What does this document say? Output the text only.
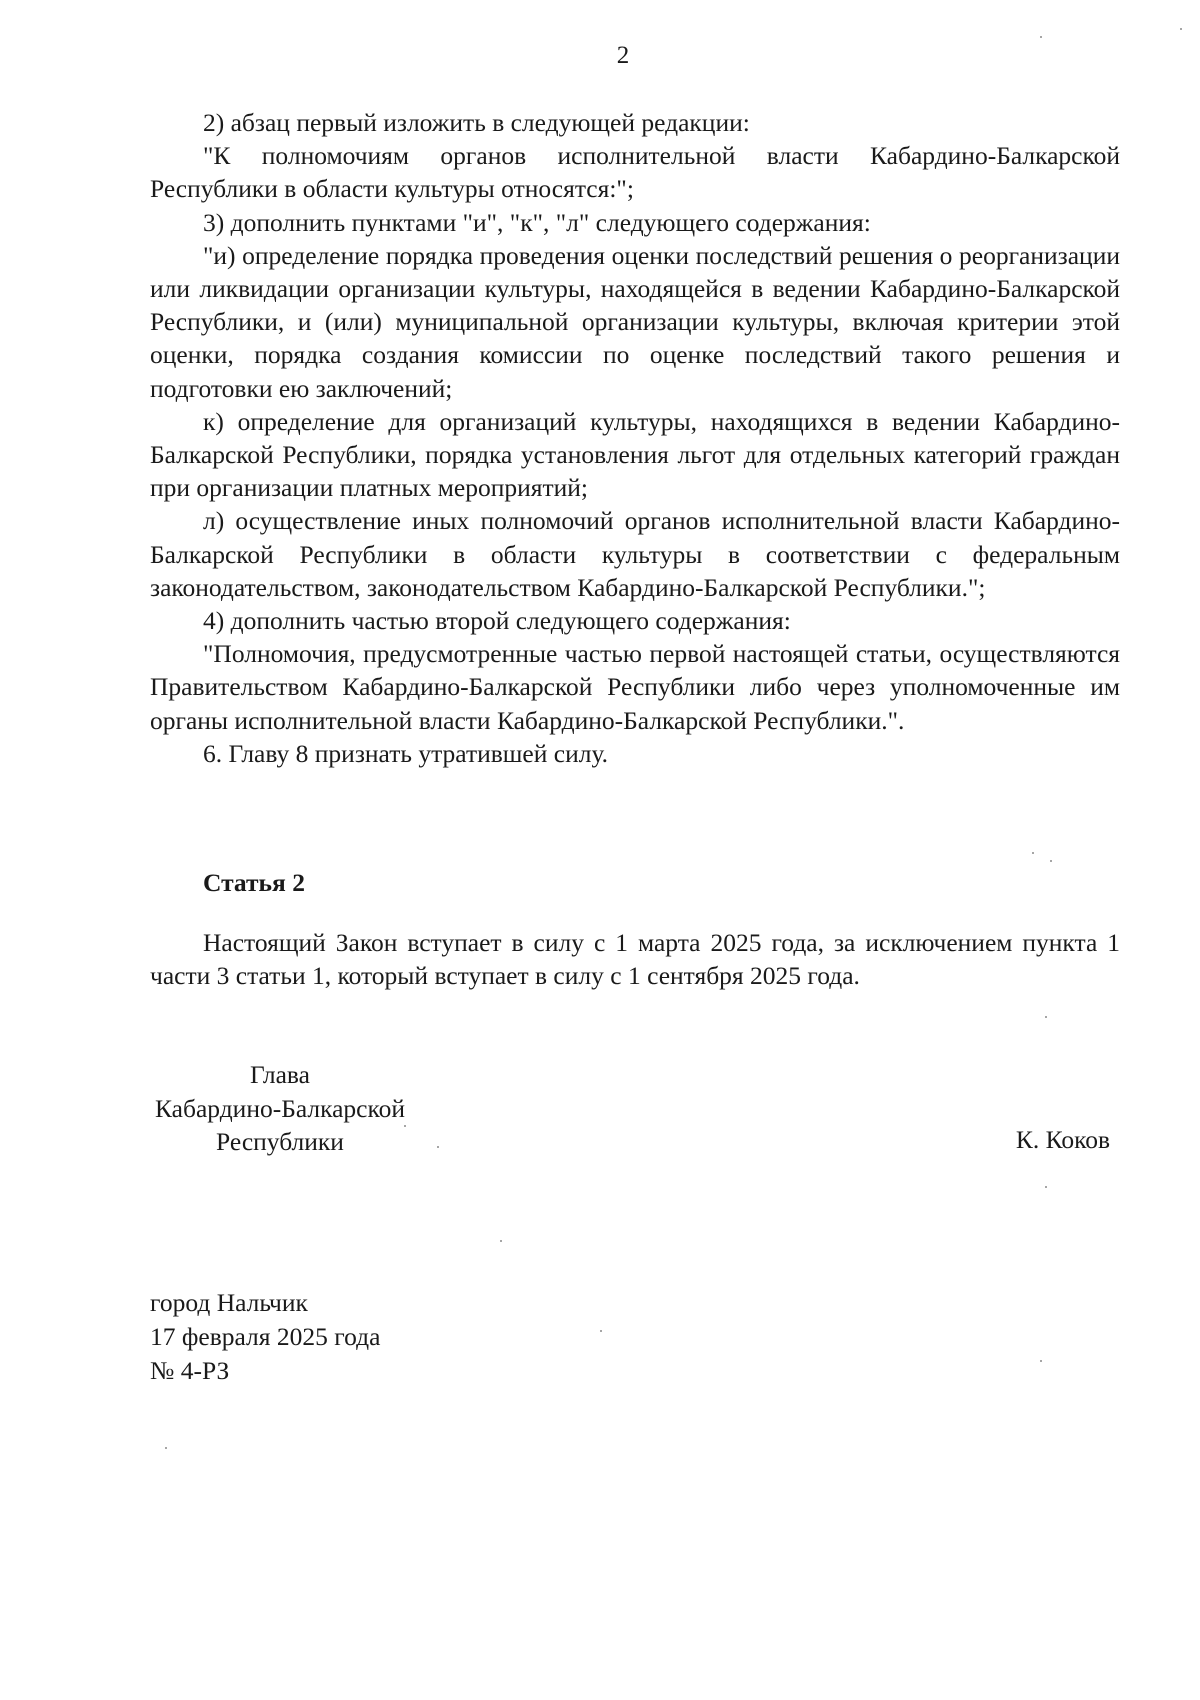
2

2) абзац первый изложить в следующей редакции:

"К полномочиям органов исполнительной власти Кабардино-Балкарской Республики в области культуры относятся:";

3) дополнить пунктами "и", "к", "л" следующего содержания:

"и) определение порядка проведения оценки последствий решения о реорганизации или ликвидации организации культуры, находящейся в ведении Кабардино-Балкарской Республики, и (или) муниципальной организации культуры, включая критерии этой оценки, порядка создания комиссии по оценке последствий такого решения и подготовки ею заключений;

к) определение для организаций культуры, находящихся в ведении Кабардино-Балкарской Республики, порядка установления льгот для отдельных категорий граждан при организации платных мероприятий;

л) осуществление иных полномочий органов исполнительной власти Кабардино-Балкарской Республики в области культуры в соответствии с федеральным законодательством, законодательством Кабардино-Балкарской Республики.";

4) дополнить частью второй следующего содержания:

"Полномочия, предусмотренные частью первой настоящей статьи, осуществляются Правительством Кабардино-Балкарской Республики либо через уполномоченные им органы исполнительной власти Кабардино-Балкарской Республики.".

6. Главу 8 признать утратившей силу.

Статья 2

Настоящий Закон вступает в силу с 1 марта 2025 года, за исключением пункта 1 части 3 статьи 1, который вступает в силу с 1 сентября 2025 года.

Глава
Кабардино-Балкарской
Республики	К. Коков
город Нальчик
17 февраля 2025 года
№ 4-РЗ
